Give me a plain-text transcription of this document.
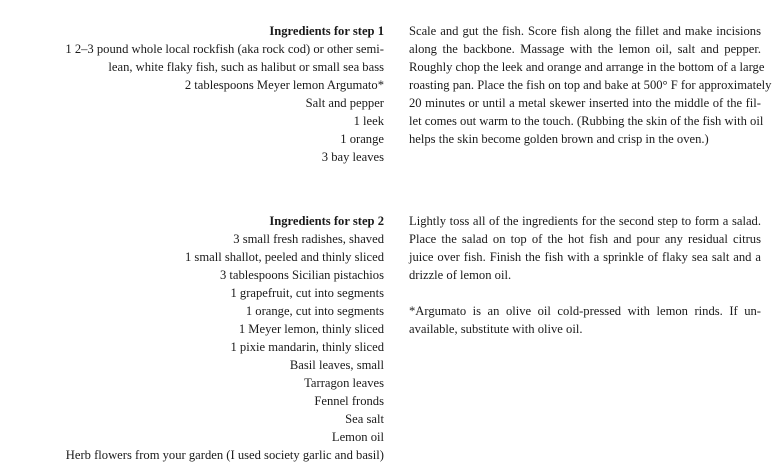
Ingredients for step 1
1 2–3 pound whole local rockfish (aka rock cod) or other semi-
lean, white flaky fish, such as halibut or small sea bass
2 tablespoons Meyer lemon Argumato*
Salt and pepper
1 leek
1 orange
3 bay leaves
Scale and gut the fish. Score fish along the fillet and make incisions
along the backbone. Massage with the lemon oil, salt and pepper.
Roughly chop the leek and orange and arrange in the bottom of a large
roasting pan. Place the fish on top and bake at 500° F for approximately
20 minutes or until a metal skewer inserted into the middle of the fil-
let comes out warm to the touch. (Rubbing the skin of the fish with oil
helps the skin become golden brown and crisp in the oven.)
Ingredients for step 2
3 small fresh radishes, shaved
1 small shallot, peeled and thinly sliced
3 tablespoons Sicilian pistachios
1 grapefruit, cut into segments
1 orange, cut into segments
1 Meyer lemon, thinly sliced
1 pixie mandarin, thinly sliced
Basil leaves, small
Tarragon leaves
Fennel fronds
Sea salt
Lemon oil
Herb flowers from your garden (I used society garlic and basil)
Lightly toss all of the ingredients for the second step to form a salad.
Place the salad on top of the hot fish and pour any residual citrus
juice over fish. Finish the fish with a sprinkle of flaky sea salt and a
drizzle of lemon oil.
*Argumato is an olive oil cold-pressed with lemon rinds. If un-
available, substitute with olive oil.
